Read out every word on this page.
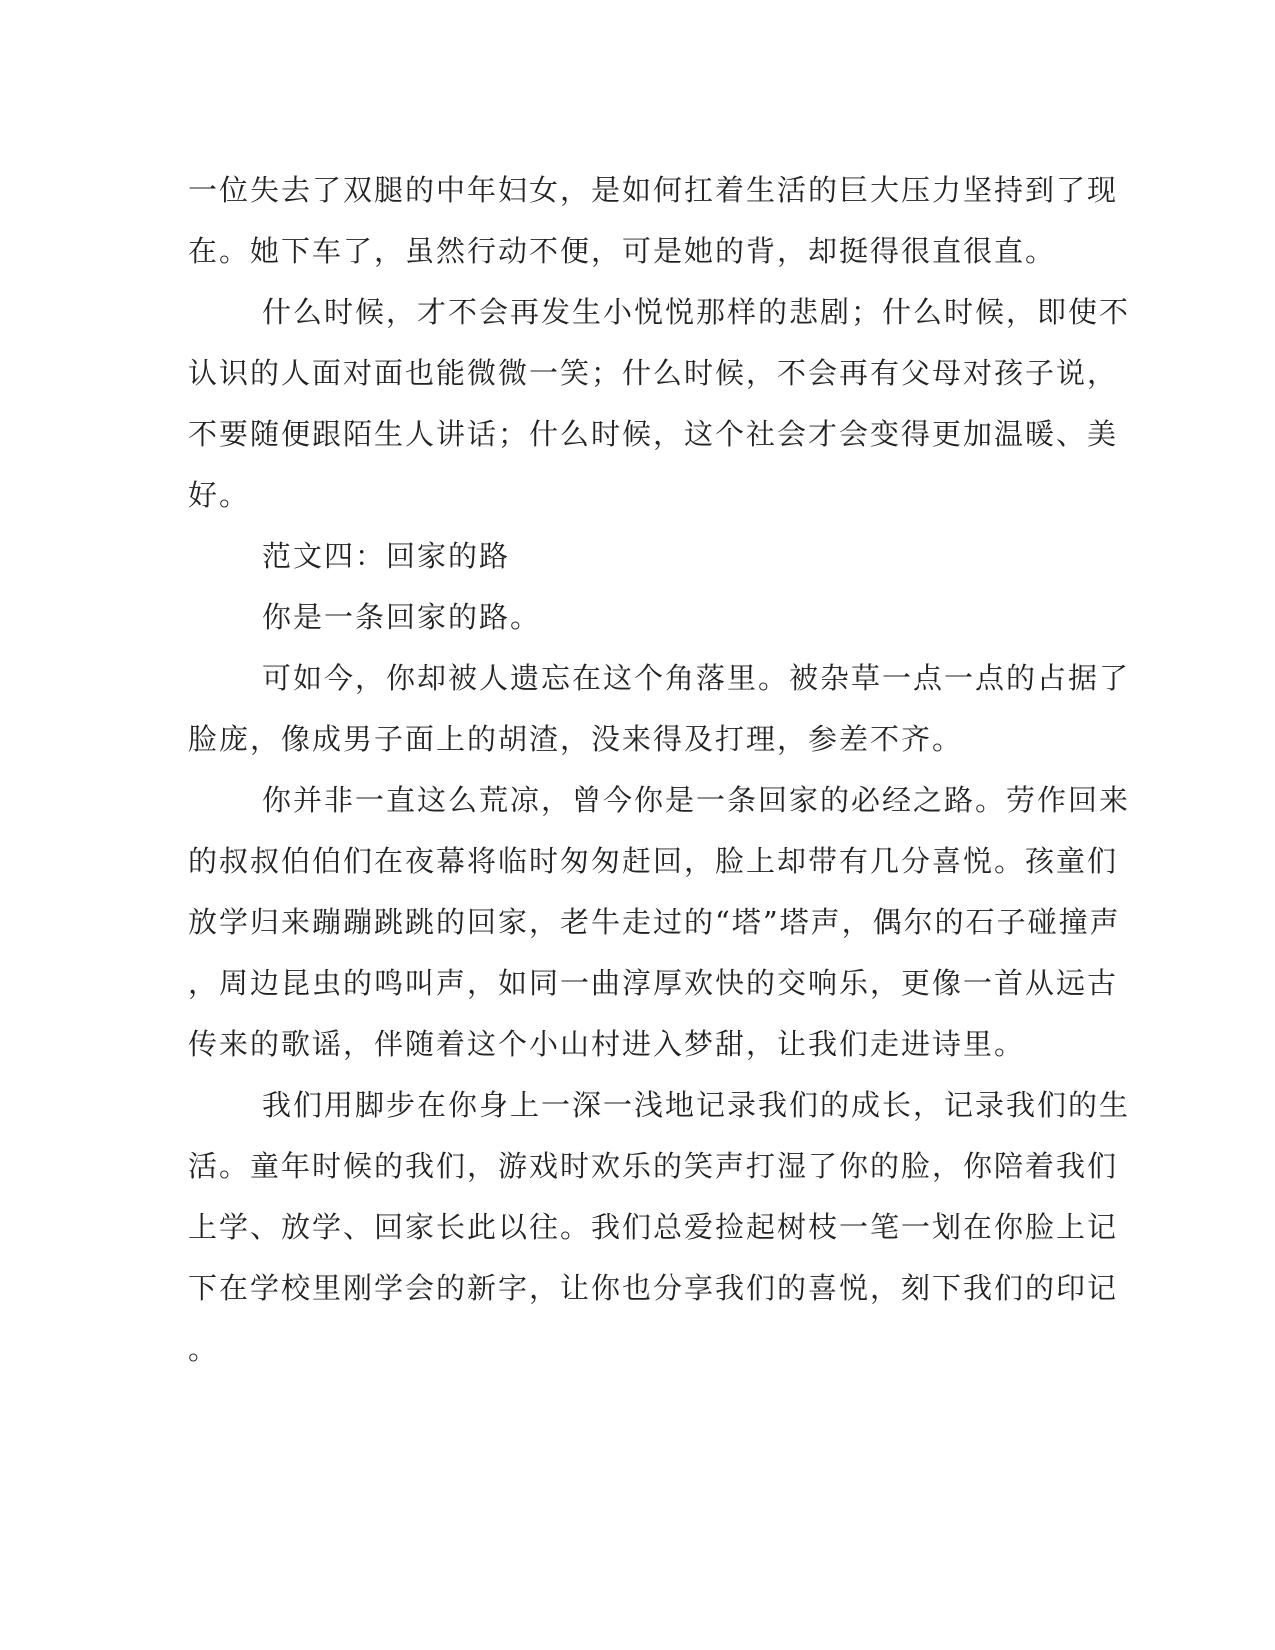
一位失去了双腿的中年妇女，是如何扛着生活的巨大压力坚持到了现
在。她下车了，虽然行动不便，可是她的背，却挺得很直很直。
什么时候，才不会再发生小悦悦那样的悲剧；什么时候，即使不
认识的人面对面也能微微一笑；什么时候，不会再有父母对孩子说，
不要随便跟陌生人讲话；什么时候，这个社会才会变得更加温暖、美
好。
范文四：回家的路
你是一条回家的路。
可如今，你却被人遗忘在这个角落里。被杂草一点一点的占据了
脸庞，像成男子面上的胡渣，没来得及打理，参差不齐。
你并非一直这么荒凉，曾今你是一条回家的必经之路。劳作回来
的叔叔伯伯们在夜幕将临时匆匆赶回，脸上却带有几分喜悦。孩童们
放学归来蹦蹦跳跳的回家，老牛走过的“塔”塔声，偶尔的石子碰撞声
，周边昆虫的鸣叫声，如同一曲淳厚欢快的交响乐，更像一首从远古
传来的歌谣，伴随着这个小山村进入梦甜，让我们走进诗里。
我们用脚步在你身上一深一浅地记录我们的成长，记录我们的生
活。童年时候的我们，游戏时欢乐的笑声打湿了你的脸，你陪着我们
上学、放学、回家长此以往。我们总爱捡起树枝一笔一划在你脸上记
下在学校里刚学会的新字，让你也分享我们的喜悦，刻下我们的印记
。
